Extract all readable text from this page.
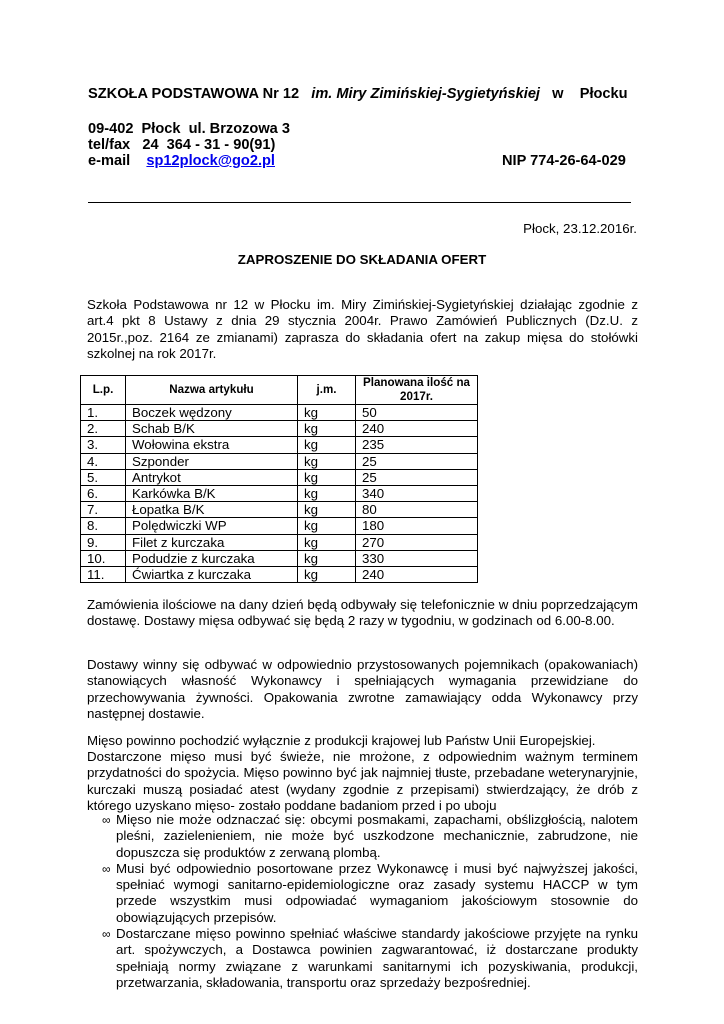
SZKOŁA PODSTAWOWA Nr 12 im. Miry Zimińskiej-Sygietyńskiej w Płocku
09-402  Płock  ul. Brzozowa 3
tel/fax   24  364 - 31 - 90(91)
e-mail sp12plock@go2.pl	NIP 774-26-64-029
Płock, 23.12.2016r.
ZAPROSZENIE DO SKŁADANIA OFERT
Szkoła Podstawowa nr 12 w Płocku im. Miry Zimińskiej-Sygietyńskiej działając zgodnie z art.4 pkt 8 Ustawy z dnia 29 stycznia 2004r. Prawo Zamówień Publicznych (Dz.U. z 2015r.,poz. 2164 ze zmianami) zaprasza do składania ofert na zakup mięsa do stołówki szkolnej na rok 2017r.
L.p.	Nazwa artykułu	j.m.	Planowana ilość na 2017r.
1.	Boczek wędzony	kg	50
2.	Schab B/K	kg	240
3.	Wołowina ekstra	kg	235
4.	Szponder	kg	25
5.	Antrykot	kg	25
6.	Karkówka B/K	kg	340
7.	Łopatka B/K	kg	80
8.	Polędwiczki WP	kg	180
9.	Filet z kurczaka	kg	270
10.	Podudzie z kurczaka	kg	330
11.	Ćwiartka z kurczaka	kg	240
Zamówienia ilościowe na dany dzień będą odbywały się telefonicznie w dniu poprzedzającym dostawę. Dostawy mięsa odbywać się będą 2 razy w tygodniu, w godzinach od 6.00-8.00.
Dostawy winny się odbywać w odpowiednio przystosowanych pojemnikach (opakowaniach) stanowiących własność Wykonawcy i spełniających wymagania przewidziane do przechowywania żywności. Opakowania zwrotne zamawiający odda Wykonawcy przy następnej dostawie.
Mięso powinno pochodzić wyłącznie z produkcji krajowej lub Państw Unii Europejskiej.
Dostarczone mięso musi być świeże, nie mrożone, z odpowiednim ważnym terminem przydatności do spożycia. Mięso powinno być jak najmniej tłuste, przebadane weterynaryjnie, kurczaki muszą posiadać atest (wydany zgodnie z przepisami) stwierdzający, że drób z którego uzyskano mięso- zostało poddane badaniom przed i po uboju
∞ Mięso nie może odznaczać się: obcymi posmakami, zapachami, obślizgłością, nalotem pleśni, zazielenieniem, nie może być uszkodzone mechanicznie, zabrudzone, nie dopuszcza się produktów z zerwaną plombą.
∞ Musi być odpowiednio posortowane przez Wykonawcę i musi być najwyższej jakości, spełniać wymogi sanitarno-epidemiologiczne oraz zasady systemu HACCP w tym przede wszystkim musi odpowiadać wymaganiom jakościowym stosownie do obowiązujących przepisów.
∞ Dostarczane mięso powinno spełniać właściwe standardy jakościowe przyjęte na rynku art. spożywczych, a Dostawca powinien zagwarantować, iż dostarczane produkty spełniają normy związane z warunkami sanitarnymi ich pozyskiwania, produkcji, przetwarzania, składowania, transportu oraz sprzedaży bezpośredniej.
